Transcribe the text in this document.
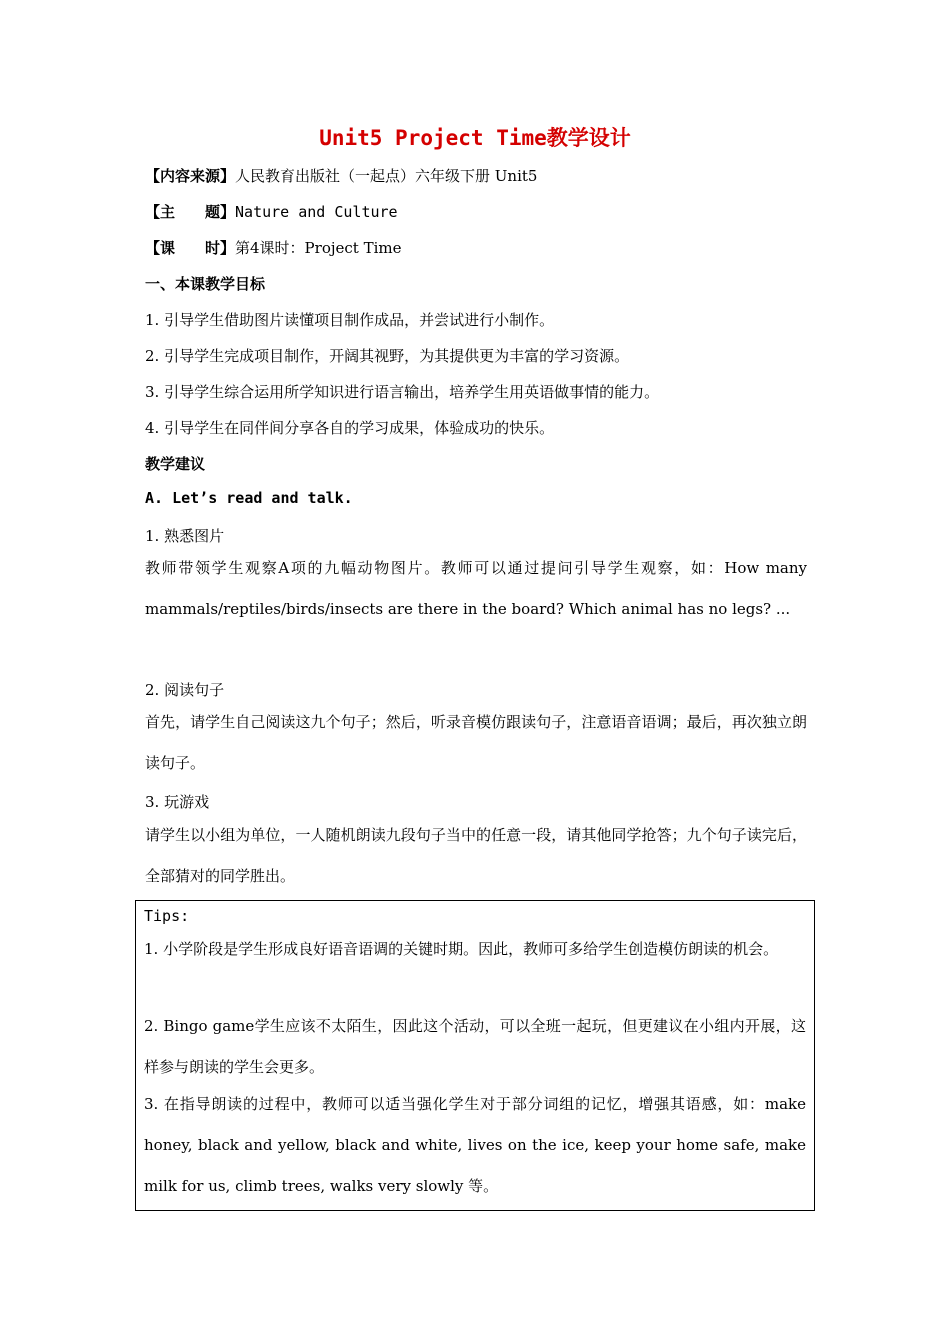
Unit5 Project Time教学设计
【内容来源】人民教育出版社（一起点）六年级下册 Unit5
【主　　题】Nature and Culture
【课　　时】第4课时：Project Time
一、本课教学目标
1. 引导学生借助图片读懂项目制作成品，并尝试进行小制作。
2. 引导学生完成项目制作，开阔其视野，为其提供更为丰富的学习资源。
3. 引导学生综合运用所学知识进行语言输出，培养学生用英语做事情的能力。
4. 引导学生在同伴间分享各自的学习成果，体验成功的快乐。
教学建议
A. Let’s read and talk.
1. 熟悉图片
教师带领学生观察A项的九幅动物图片。教师可以通过提问引导学生观察，如：How many mammals/reptiles/birds/insects are there in the board? Which animal has no legs? ...
2. 阅读句子
首先，请学生自己阅读这九个句子；然后，听录音模仿跟读句子，注意语音语调；最后，再次独立朗读句子。
3. 玩游戏
请学生以小组为单位，一人随机朗读九段句子当中的任意一段，请其他同学抢答；九个句子读完后，全部猜对的同学胜出。
Tips:
1. 小学阶段是学生形成良好语音语调的关键时期。因此，教师可多给学生创造模仿朗读的机会。
2. Bingo game学生应该不太陌生，因此这个活动，可以全班一起玩，但更建议在小组内开展，这样参与朗读的学生会更多。
3. 在指导朗读的过程中，教师可以适当强化学生对于部分词组的记忆，增强其语感，如：make honey, black and yellow, black and white, lives on the ice, keep your home safe, make milk for us, climb trees, walks very slowly 等。
